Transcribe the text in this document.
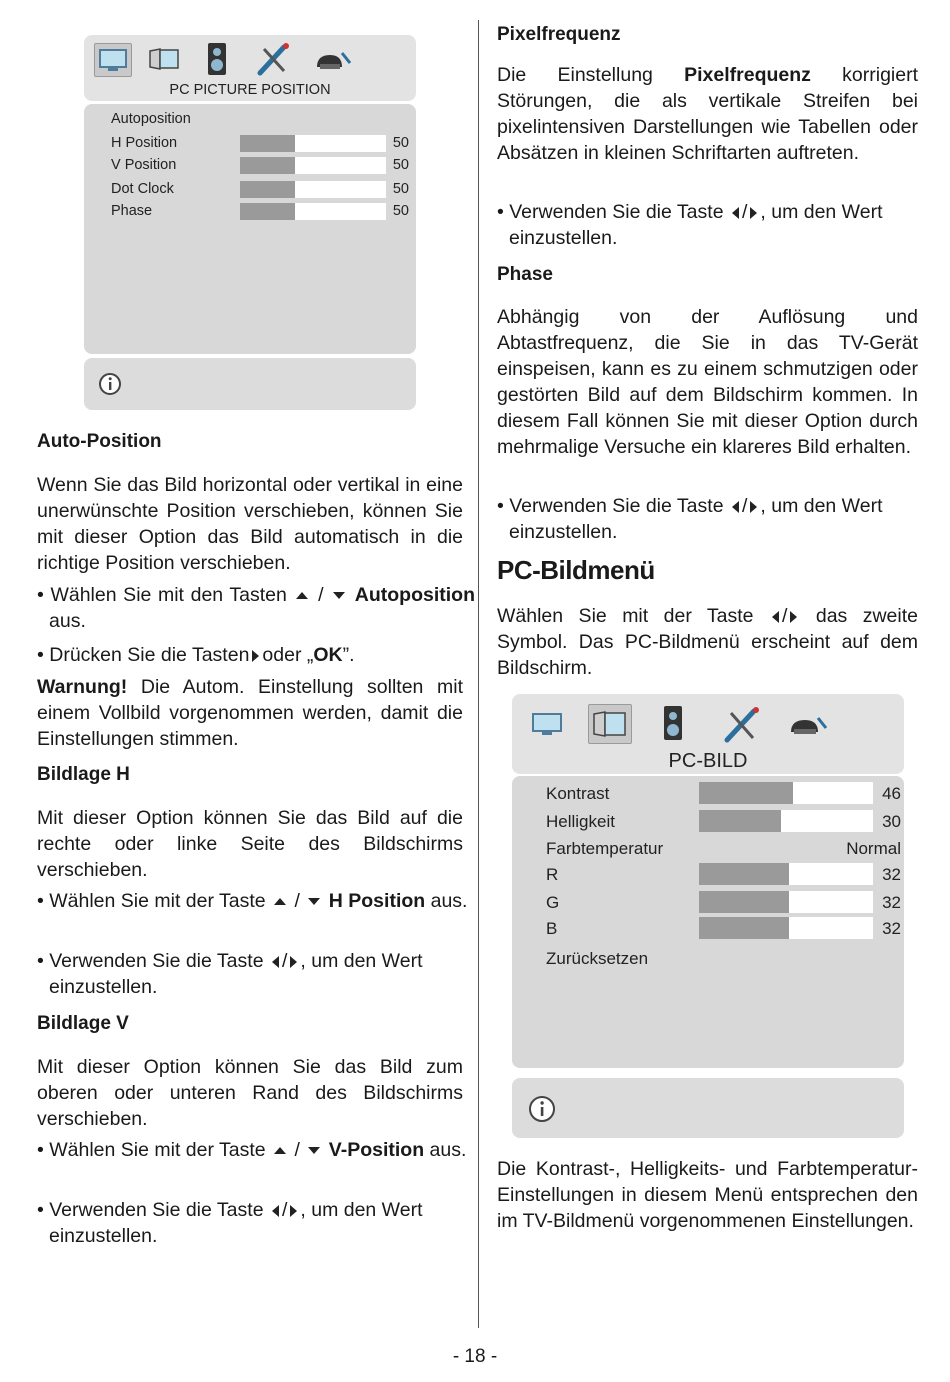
PC PICTURE POSITION
Autoposition
H Position	50
V Position	50
Dot Clock	50
Phase	50
Auto-Position

Wenn Sie das Bild horizontal oder vertikal in eine unerwünschte Position verschieben, können Sie mit dieser Option das Bild automatisch in die richtige Position verschieben.

• Wählen Sie mit den Tasten / Autoposition aus.

• Drücken Sie die Tasten oder „OK”.

Warnung! Die Autom. Einstellung sollten mit einem Vollbild vorgenommen werden, damit die Einstellungen stimmen.

Bildlage H

Mit dieser Option können Sie das Bild auf die rechte oder linke Seite des Bildschirms verschieben.

• Wählen Sie mit der Taste / H Position aus.

• Verwenden Sie die Taste / , um den Wert einzustellen.

Bildlage V

Mit dieser Option können Sie das Bild zum oberen oder unteren Rand des Bildschirms verschieben.

• Wählen Sie mit der Taste / V-Position aus.

• Verwenden Sie die Taste / , um den Wert einzustellen.

Pixelfrequenz

Die Einstellung Pixelfrequenz korrigiert Störungen, die als vertikale Streifen bei pixelintensiven Darstellungen wie Tabellen oder Absätzen in kleinen Schriftarten auftreten.

• Verwenden Sie die Taste / , um den Wert einzustellen.

Phase

Abhängig von der Auflösung und Abtastfrequenz, die Sie in das TV-Gerät einspeisen, kann es zu einem schmutzigen oder gestörten Bild auf dem Bildschirm kommen. In diesem Fall können Sie mit dieser Option durch mehrmalige Versuche ein klareres Bild erhalten.

• Verwenden Sie die Taste / , um den Wert einzustellen.

PC-Bildmenü

Wählen Sie mit der Taste / das zweite Symbol. Das PC-Bildmenü erscheint auf dem Bildschirm.

PC-BILD
Kontrast	46
Helligkeit	30
Farbtemperatur	Normal
R	32
G	32
B	32
Zurücksetzen

Die Kontrast-, Helligkeits- und Farbtemperatur-Einstellungen in diesem Menü entsprechen den im TV-Bildmenü vorgenommenen Einstellungen.

- 18 -
